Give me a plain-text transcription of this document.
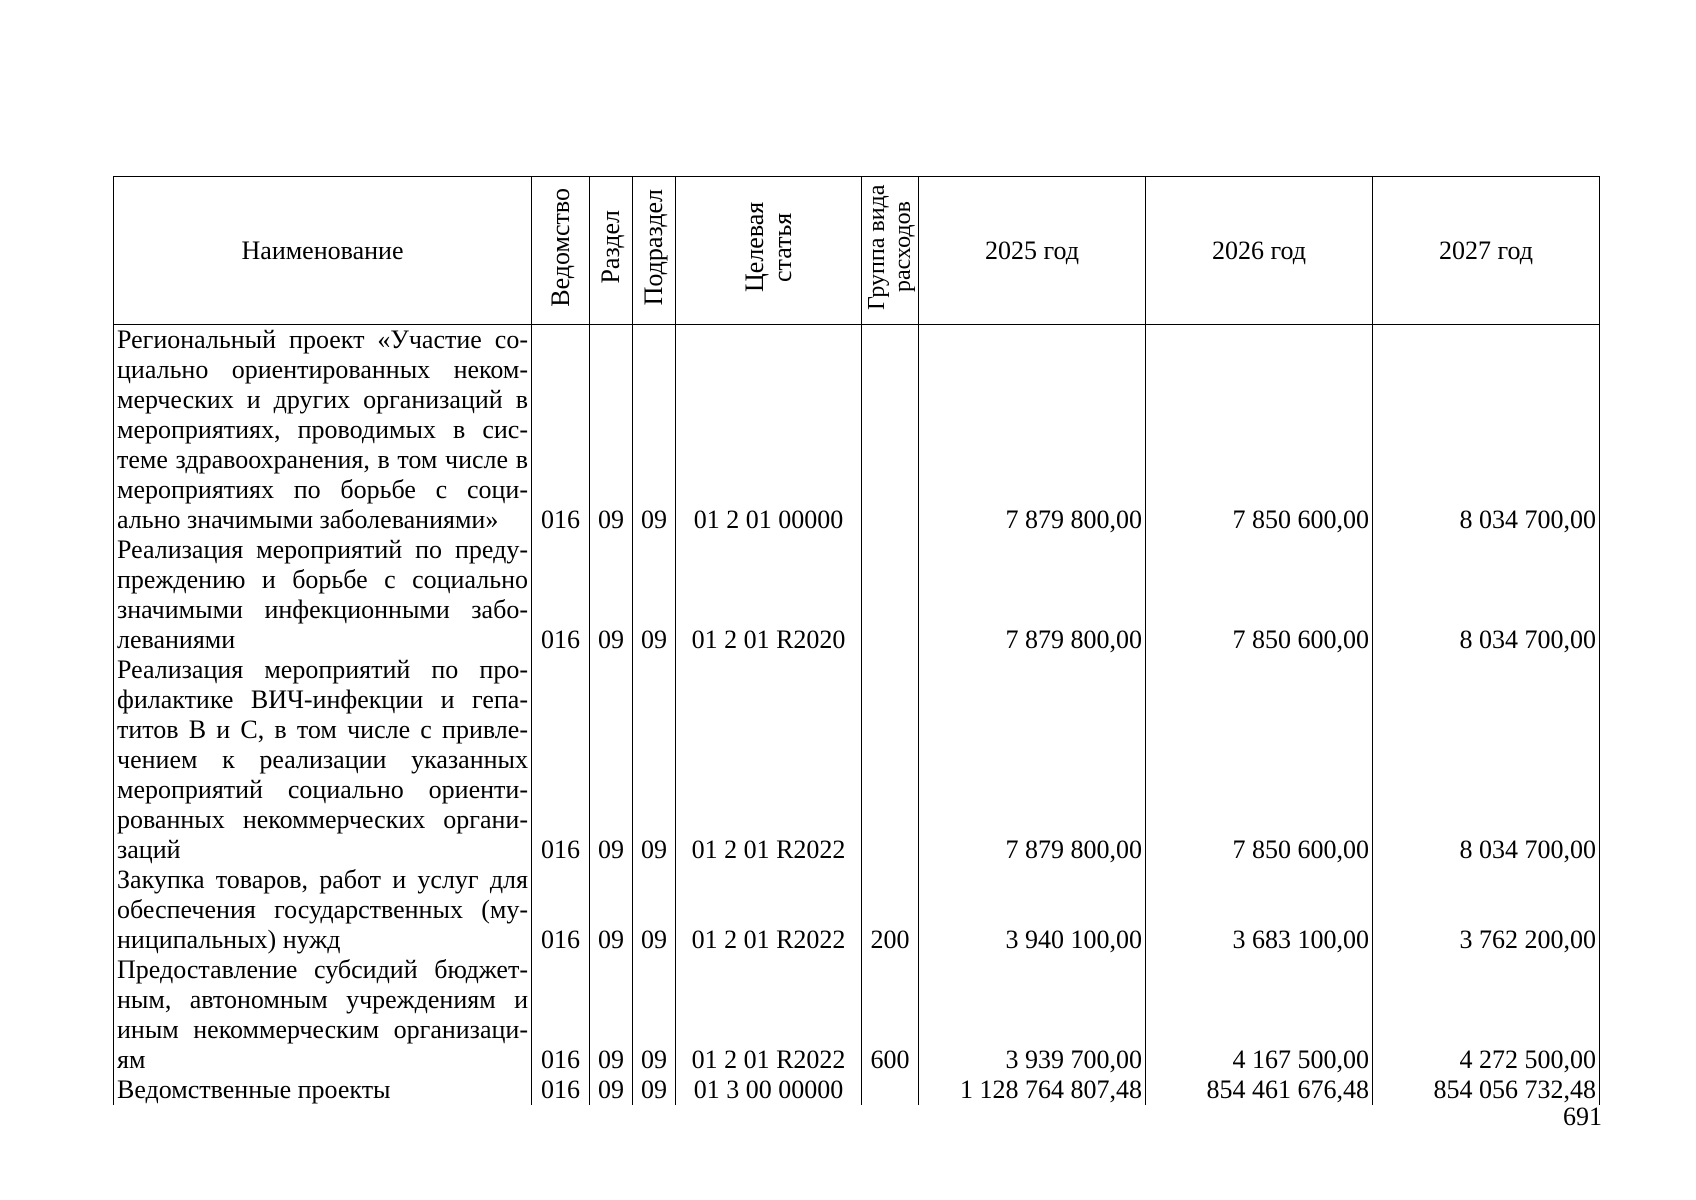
Наименование	Ведомство	Раздел	Подраздел	Целевая статья	Группа вида расходов	2025 год	2026 год	2027 год
Региональный проект «Участие социально ориентированных некоммерческих и других организаций в мероприятиях, проводимых в системе здравоохранения, в том числе в мероприятиях по борьбе с социально значимыми заболеваниями»	016	09	09	01 2 01 00000		7 879 800,00	7 850 600,00	8 034 700,00
Реализация мероприятий по предупреждению и борьбе с социально значимыми инфекционными заболеваниями	016	09	09	01 2 01 R2020		7 879 800,00	7 850 600,00	8 034 700,00
Реализация мероприятий по профилактике ВИЧ-инфекции и гепатитов В и С, в том числе с привлечением к реализации указанных мероприятий социально ориентированных некоммерческих организаций	016	09	09	01 2 01 R2022		7 879 800,00	7 850 600,00	8 034 700,00
Закупка товаров, работ и услуг для обеспечения государственных (муниципальных) нужд	016	09	09	01 2 01 R2022	200	3 940 100,00	3 683 100,00	3 762 200,00
Предоставление субсидий бюджетным, автономным учреждениям и иным некоммерческим организациям	016	09	09	01 2 01 R2022	600	3 939 700,00	4 167 500,00	4 272 500,00
Ведомственные проекты	016	09	09	01 3 00 00000		1 128 764 807,48	854 461 676,48	854 056 732,48
691
